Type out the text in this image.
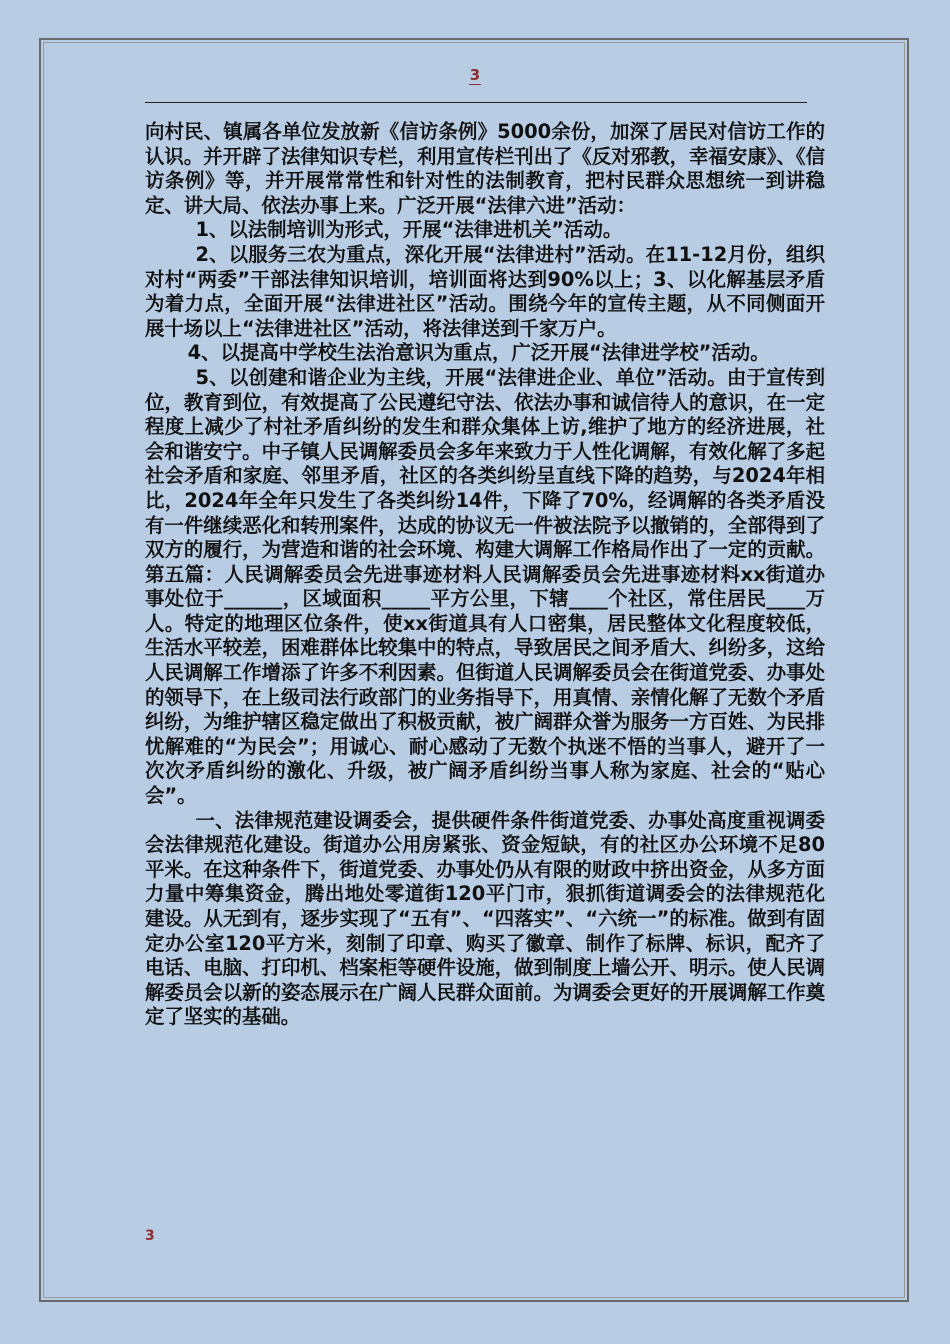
3

向村民、镇属各单位发放新《信访条例》5000余份，加深了居民对信访工作的认识。并开辟了法律知识专栏，利用宣传栏刊出了《反对邪教，幸福安康》、《信访条例》等，并开展常常性和针对性的法制教育，把村民群众思想统一到讲稳定、讲大局、依法办事上来。广泛开展“法律六进”活动：

1、以法制培训为形式，开展“法律进机关”活动。

2、以服务三农为重点，深化开展“法律进村”活动。在11-12月份，组织对村“两委”干部法律知识培训，培训面将达到90%以上；3、以化解基层矛盾为着力点，全面开展“法律进社区”活动。围绕今年的宣传主题，从不同侧面开展十场以上“法律进社区”活动，将法律送到千家万户。

4、以提高中学校生法治意识为重点，广泛开展“法律进学校”活动。

5、以创建和谐企业为主线，开展“法律进企业、单位”活动。由于宣传到位，教育到位，有效提高了公民遵纪守法、依法办事和诚信待人的意识，在一定程度上减少了村社矛盾纠纷的发生和群众集体上访,维护了地方的经济进展，社会和谐安宁。中子镇人民调解委员会多年来致力于人性化调解，有效化解了多起社会矛盾和家庭、邻里矛盾，社区的各类纠纷呈直线下降的趋势，与2024年相比，2024年全年只发生了各类纠纷14件，下降了70%，经调解的各类矛盾没有一件继续恶化和转刑案件，达成的协议无一件被法院予以撤销的，全部得到了双方的履行，为营造和谐的社会环境、构建大调解工作格局作出了一定的贡献。第五篇：人民调解委员会先进事迹材料人民调解委员会先进事迹材料xx街道办事处位于______，区域面积_____平方公里，下辖____个社区，常住居民____万人。特定的地理区位条件，使xx街道具有人口密集，居民整体文化程度较低，生活水平较差，困难群体比较集中的特点，导致居民之间矛盾大、纠纷多，这给人民调解工作增添了许多不利因素。但街道人民调解委员会在街道党委、办事处的领导下，在上级司法行政部门的业务指导下，用真情、亲情化解了无数个矛盾纠纷，为维护辖区稳定做出了积极贡献，被广阔群众誉为服务一方百姓、为民排忧解难的“为民会”；用诚心、耐心感动了无数个执迷不悟的当事人，避开了一次次矛盾纠纷的激化、升级，被广阔矛盾纠纷当事人称为家庭、社会的“贴心会”。

一、法律规范建设调委会，提供硬件条件街道党委、办事处高度重视调委会法律规范化建设。街道办公用房紧张、资金短缺，有的社区办公环境不足80平米。在这种条件下，街道党委、办事处仍从有限的财政中挤出资金，从多方面力量中筹集资金，腾出地处零道街120平门市，狠抓街道调委会的法律规范化建设。从无到有，逐步实现了“五有”、“四落实”、“六统一”的标准。做到有固定办公室120平方米，刻制了印章、购买了徽章、制作了标牌、标识，配齐了电话、电脑、打印机、档案柜等硬件设施，做到制度上墙公开、明示。使人民调解委员会以新的姿态展示在广阔人民群众面前。为调委会更好的开展调解工作奠定了坚实的基础。

3
